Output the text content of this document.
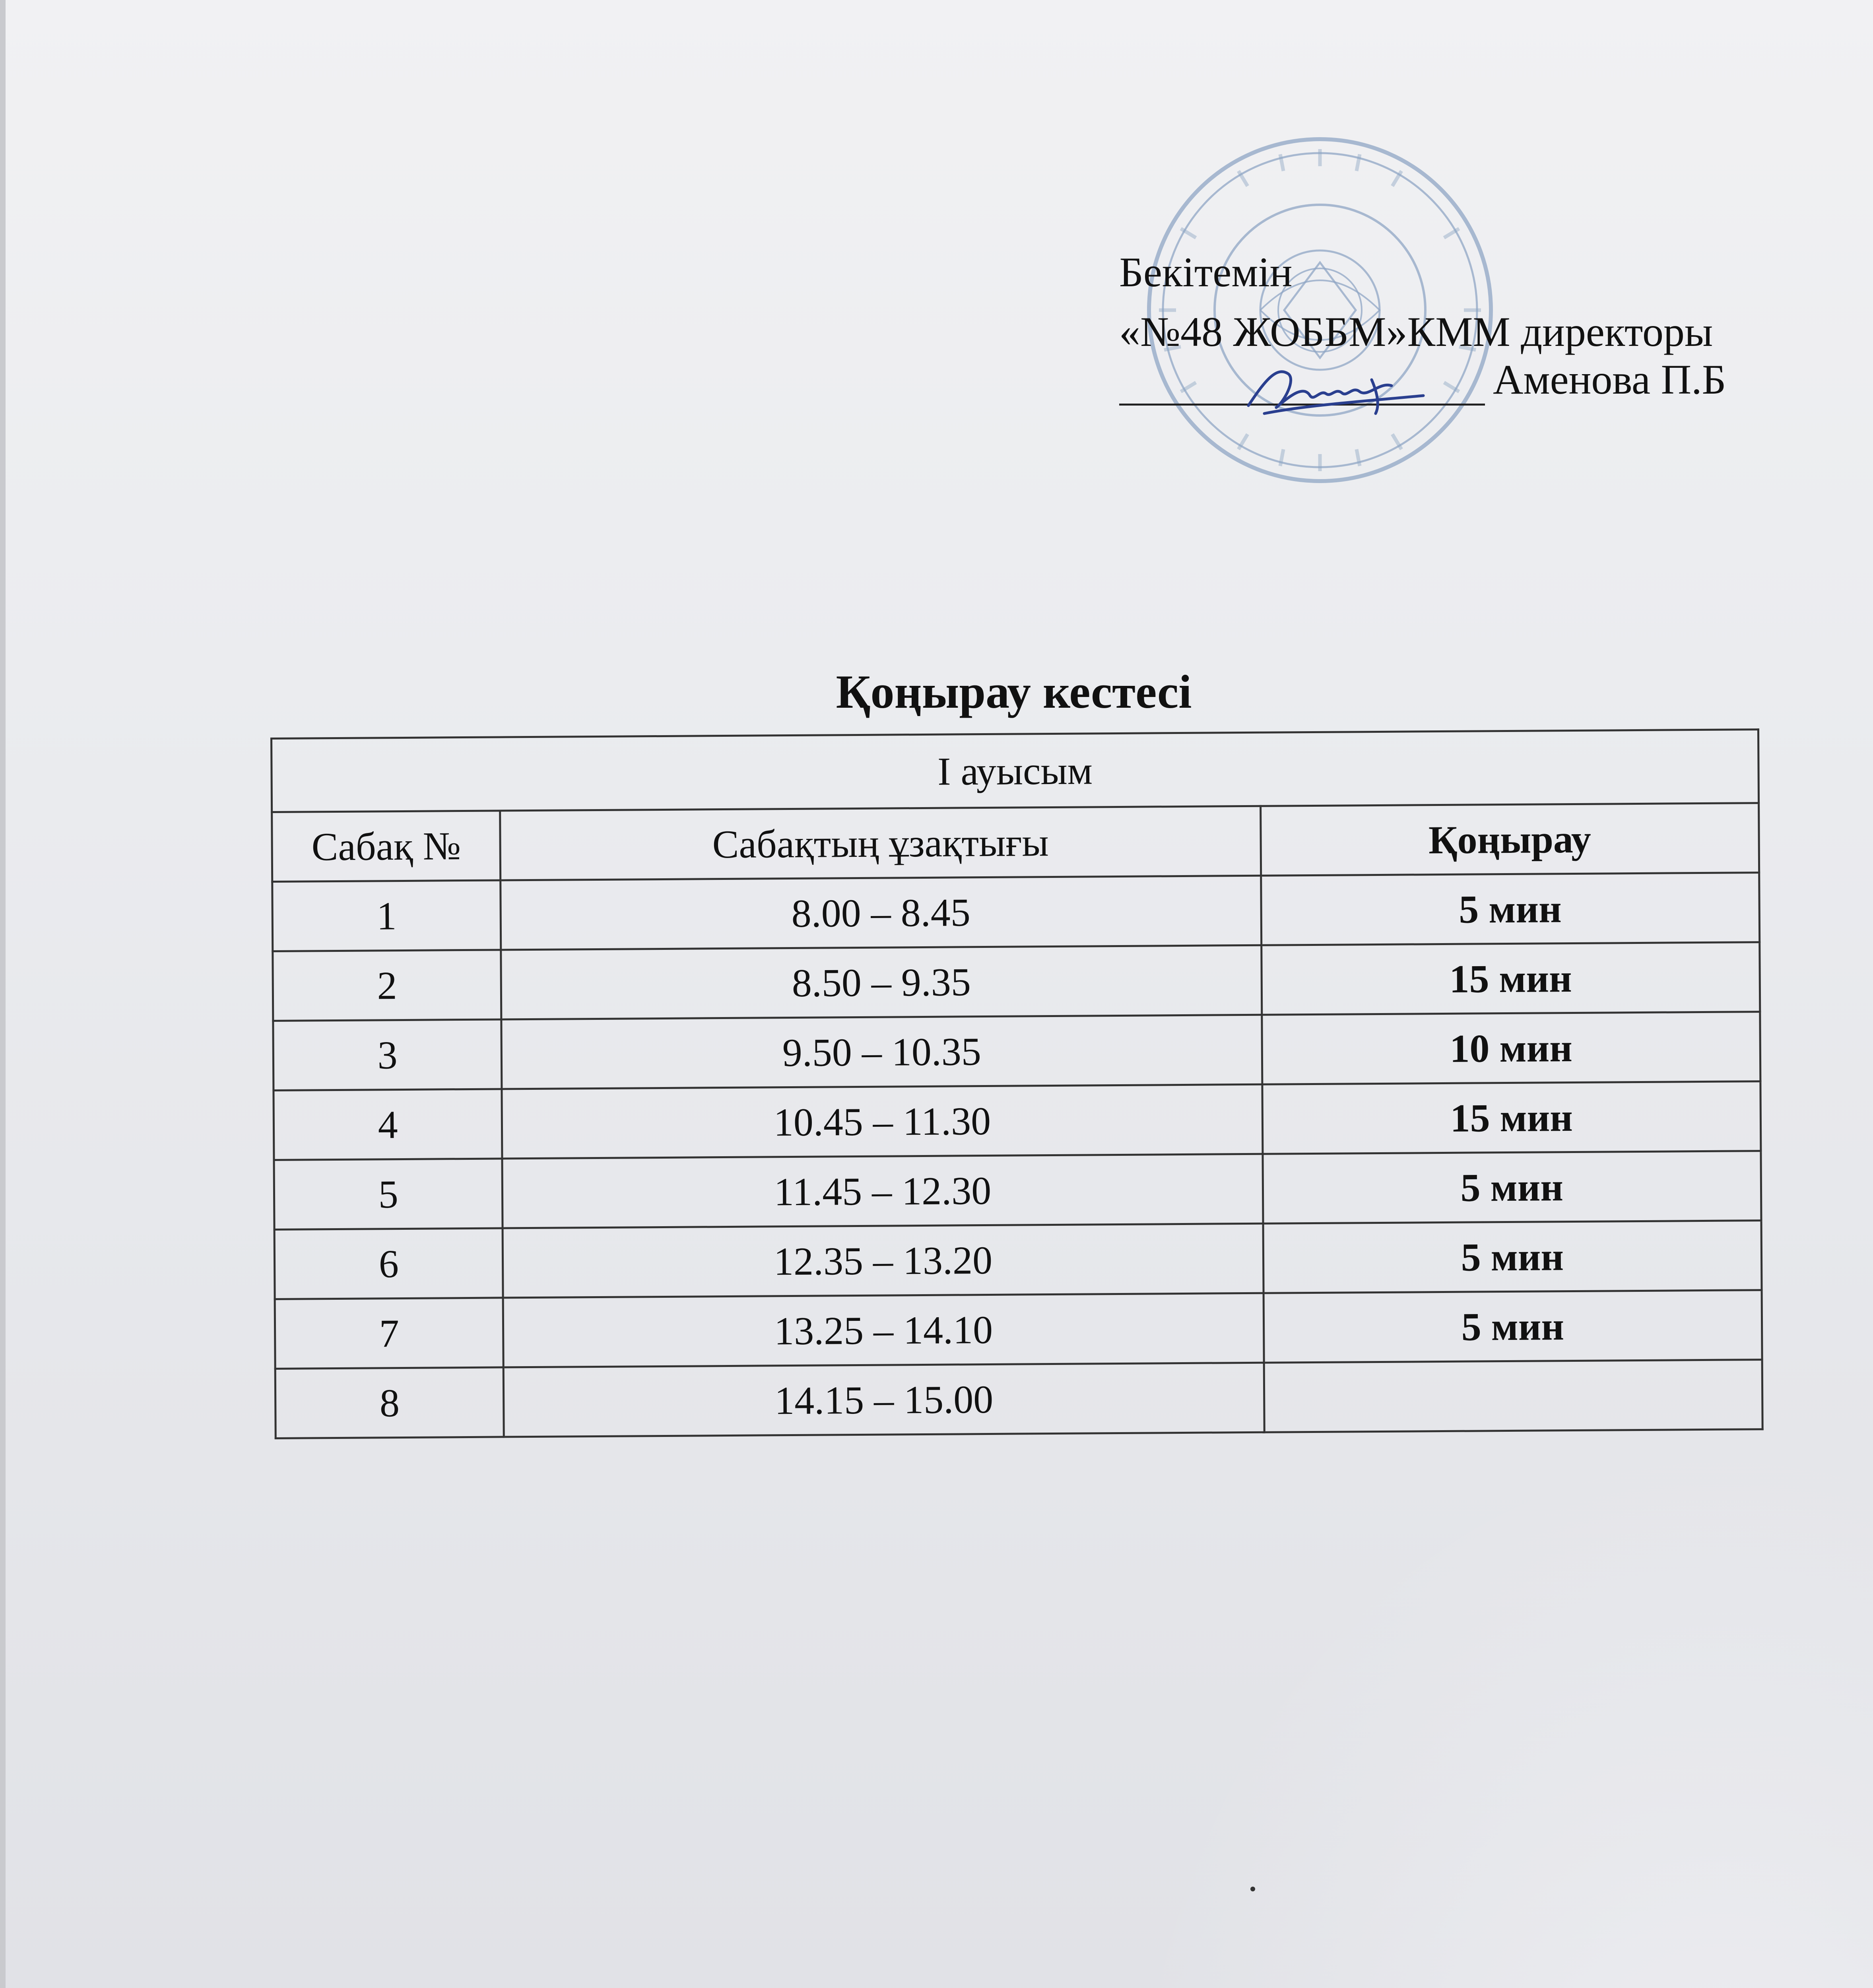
Бекітемін
«№48 ЖОББМ»КММ директоры
Аменова П.Б
Қоңырау кестесі
І ауысым		
Сабақ №	Сабақтың ұзақтығы	Қоңырау
1	8.00 – 8.45	5 мин
2	8.50 – 9.35	15 мин
3	9.50 – 10.35	10 мин
4	10.45 – 11.30	15 мин
5	11.45 – 12.30	5 мин
6	12.35 – 13.20	5 мин
7	13.25 – 14.10	5 мин
8	14.15 – 15.00	
